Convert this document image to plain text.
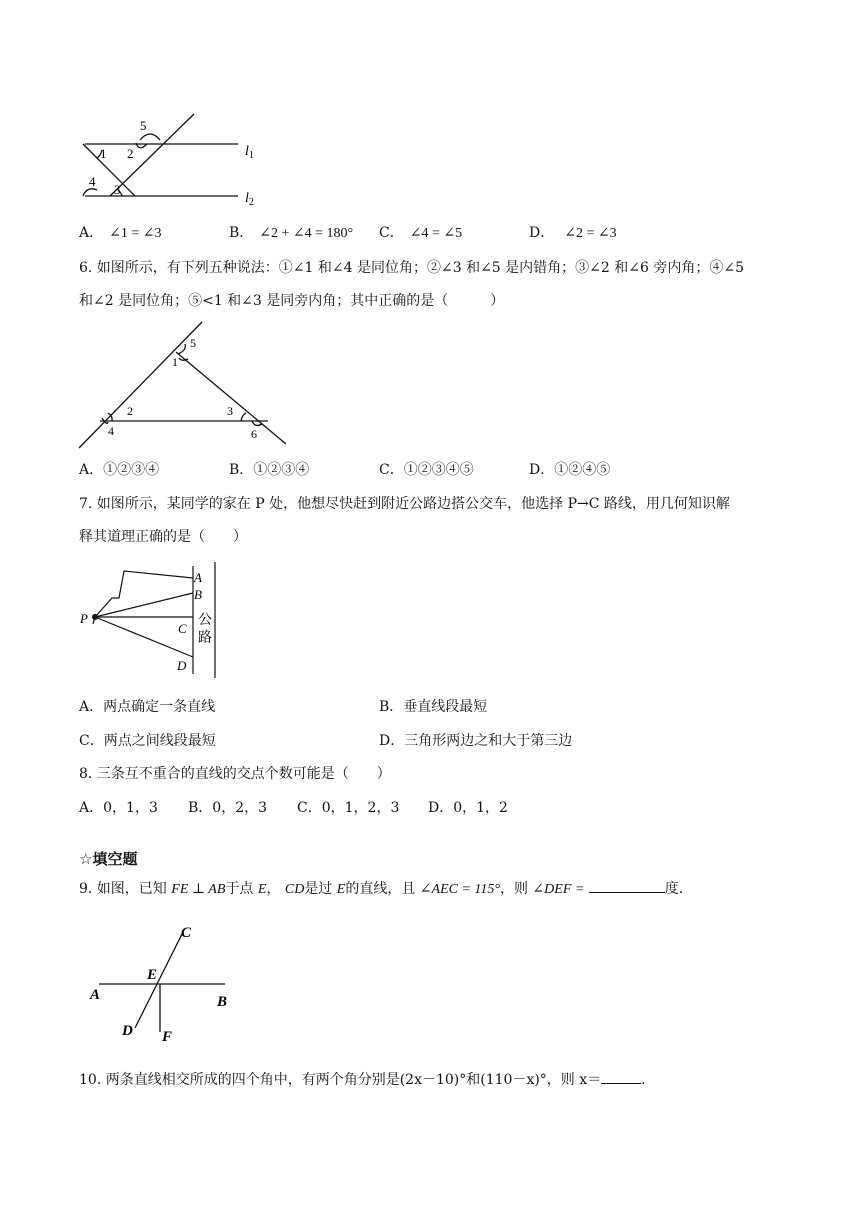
5
1 2
4
3
$l_1$
$l_2$
A． ∠1 = ∠3	B． ∠2 + ∠4 = 180° C． ∠4 = ∠5	D． ∠2 = ∠3
6. 如图所示，有下列五种说法：①∠1 和∠4 是同位角；②∠3 和∠5 是内错角；③∠2 和∠6 旁内角；④∠5
和∠2 是同位角；⑤<1 和∠3 是同旁内角；其中正确的是（　　　）
5
1
2	3
4	6
A．①②③④	B．①②③④	C．①②③④⑤	D．①②④⑤
7. 如图所示，某同学的家在 P 处，他想尽快赶到附近公路边搭公交车，他选择 P→C 路线，用几何知识解
释其道理正确的是（　　）
A
B
P
C
D
公
路
A．两点确定一条直线	B．垂直线段最短
C．两点之间线段最短	D．三角形两边之和大于第三边
8. 三条互不重合的直线的交点个数可能是（　　）
A．0，1，3 B．0，2，3 C．0，1，2，3 D．0，1，2
☆填空题
9. 如图，已知 FE ⊥ AB于点 E， CD是过 E的直线，且 ∠AEC = 115°，则 ∠DEF =	度.
C
E
A	B
D F
10. 两条直线相交所成的四个角中，有两个角分别是(2x－10)°和(110－x)°，则 x＝	.
